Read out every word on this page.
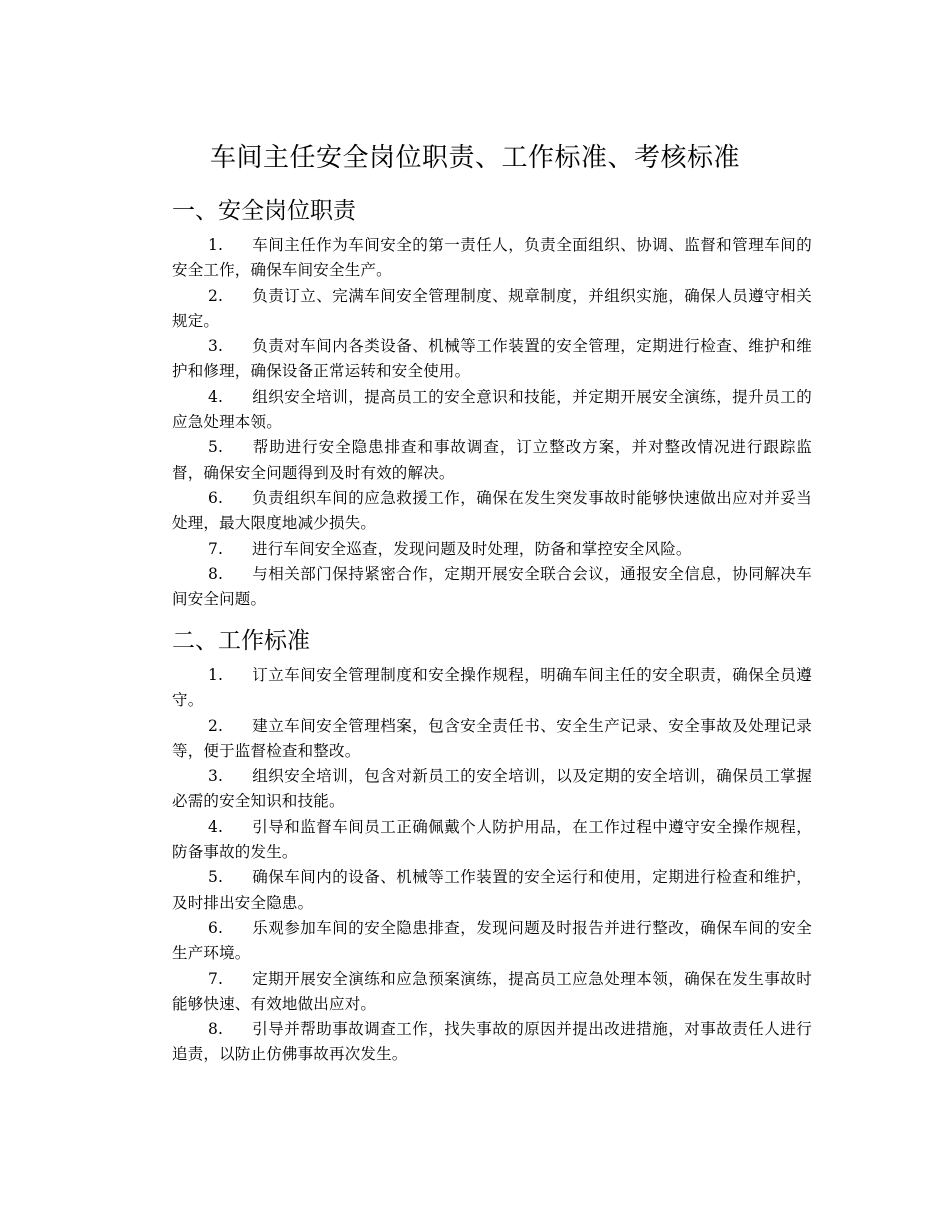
车间主任安全岗位职责、工作标准、考核标准
一、安全岗位职责

1. 车间主任作为车间安全的第一责任人，负责全面组织、协调、监督和管理车间的安全工作，确保车间安全生产。

2. 负责订立、完满车间安全管理制度、规章制度，并组织实施，确保人员遵守相关规定。

3. 负责对车间内各类设备、机械等工作装置的安全管理，定期进行检查、维护和维护和修理，确保设备正常运转和安全使用。

4. 组织安全培训，提高员工的安全意识和技能，并定期开展安全演练，提升员工的应急处理本领。

5. 帮助进行安全隐患排查和事故调查，订立整改方案，并对整改情况进行跟踪监督，确保安全问题得到及时有效的解决。

6. 负责组织车间的应急救援工作，确保在发生突发事故时能够快速做出应对并妥当处理，最大限度地减少损失。

7. 进行车间安全巡查，发现问题及时处理，防备和掌控安全风险。

8. 与相关部门保持紧密合作，定期开展安全联合会议，通报安全信息，协同解决车间安全问题。

二、工作标准

1. 订立车间安全管理制度和安全操作规程，明确车间主任的安全职责，确保全员遵守。

2. 建立车间安全管理档案，包含安全责任书、安全生产记录、安全事故及处理记录等，便于监督检查和整改。

3. 组织安全培训，包含对新员工的安全培训，以及定期的安全培训，确保员工掌握必需的安全知识和技能。

4. 引导和监督车间员工正确佩戴个人防护用品，在工作过程中遵守安全操作规程，防备事故的发生。

5. 确保车间内的设备、机械等工作装置的安全运行和使用，定期进行检查和维护，及时排出安全隐患。

6. 乐观参加车间的安全隐患排查，发现问题及时报告并进行整改，确保车间的安全生产环境。

7. 定期开展安全演练和应急预案演练，提高员工应急处理本领，确保在发生事故时能够快速、有效地做出应对。

8. 引导并帮助事故调查工作，找失事故的原因并提出改进措施，对事故责任人进行追责，以防止仿佛事故再次发生。
